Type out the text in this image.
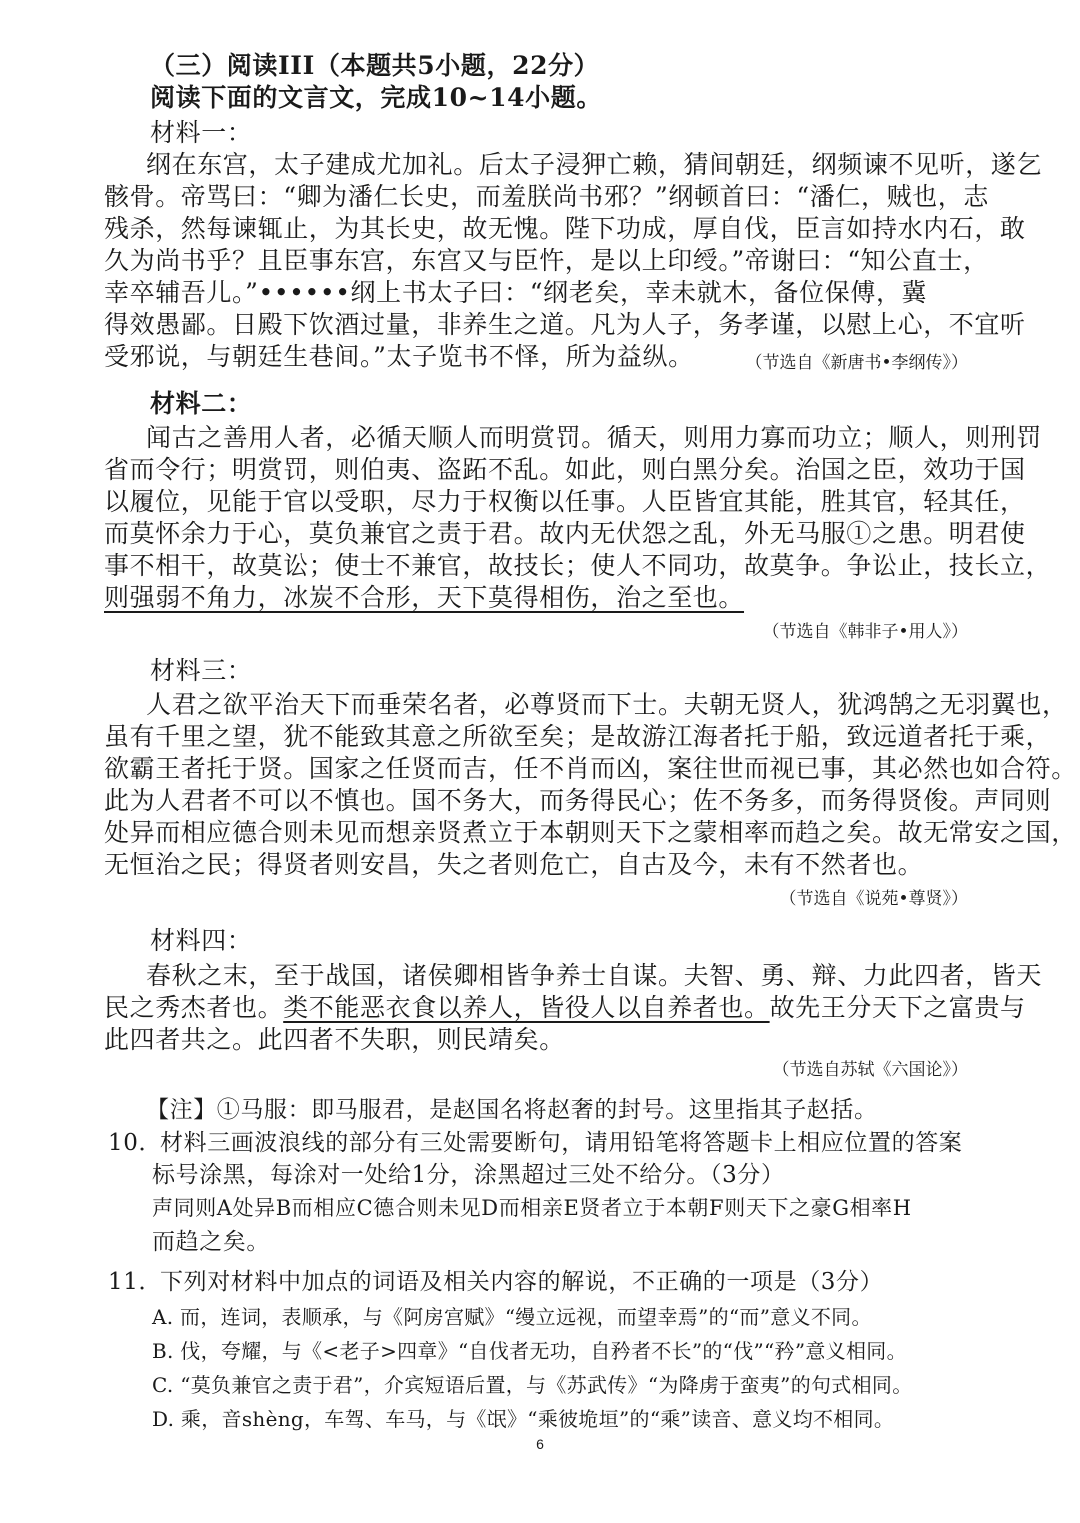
（三）阅读III（本题共5小题，22分）
阅读下面的文言文，完成10~14小题。
材料一：
纲在东宫，太子建成尤加礼。后太子浸狎亡赖，猜间朝廷，纲频谏不见听，遂乞
骸骨。帝骂曰：“卿为潘仁长史，而羞朕尚书邪？”纲顿首曰：“潘仁，贼也，志
残杀，然每谏辄止，为其长史，故无愧。陛下功成，厚自伐，臣言如持水内石，敢
久为尚书乎？且臣事东宫，东宫又与臣忤，是以上印绶。”帝谢曰：“知公直士，
幸卒辅吾儿。”••••••纲上书太子曰：“纲老矣，幸未就木，备位保傅，冀
得效愚鄙。日殿下饮酒过量，非养生之道。凡为人子，务孝谨，以慰上心，不宜听
受邪说，与朝廷生巷间。”太子览书不怿，所为益纵。	（节选自《新唐书•李纲传》）
材料二：
闻古之善用人者，必循天顺人而明赏罚。循天，则用力寡而功立；顺人，则刑罚
省而令行；明赏罚，则伯夷、盗跖不乱。如此，则白黑分矣。治国之臣，效功于国
以履位，见能于官以受职，尽力于权衡以任事。人臣皆宜其能，胜其官，轻其任，
而莫怀余力于心，莫负兼官之责于君。故内无伏怨之乱，外无马服①之患。明君使
事不相干，故莫讼；使士不兼官，故技长；使人不同功，故莫争。争讼止，技长立，
则强弱不角力，冰炭不合形，天下莫得相伤，治之至也。
（节选自《韩非子•用人》）
材料三：
人君之欲平治天下而垂荣名者，必尊贤而下士。夫朝无贤人，犹鸿鹄之无羽翼也，
虽有千里之望，犹不能致其意之所欲至矣；是故游江海者托于船，致远道者托于乘，
欲霸王者托于贤。国家之任贤而吉，任不肖而凶，案往世而视已事，其必然也如合符。
此为人君者不可以不慎也。国不务大，而务得民心；佐不务多，而务得贤俊。声同则
处异而相应德合则未见而想亲贤煮立于本朝则天下之蒙相率而趋之矣。故无常安之国，
无恒治之民；得贤者则安昌，失之者则危亡，自古及今，未有不然者也。
（节选自《说苑•尊贤》）
材料四：
春秋之末，至于战国，诸侯卿相皆争养士自谋。夫智、勇、辩、力此四者，皆天
民之秀杰者也。类不能恶衣食以养人，皆役人以自养者也。故先王分天下之富贵与
此四者共之。此四者不失职，则民靖矣。
（节选自苏轼《六国论》）
【注】①马服：即马服君，是赵国名将赵奢的封号。这里指其子赵括。
10．
材料三画波浪线的部分有三处需要断句，请用铅笔将答题卡上相应位置的答案
标号涂黑，每涂对一处给1分，涂黑超过三处不给分。（3分）
声同则A处异B而相应C德合则未见D而相亲E贤者立于本朝F则天下之豪G相率H
而趋之矣。
11．
下列对材料中加点的词语及相关内容的解说，不正确的一项是（3分）
A. 而，连词，表顺承，与《阿房宫赋》“缦立远视，而望幸焉”的“而”意义不同。
B. 伐，夸耀，与《<老子>四章》“自伐者无功，自矜者不长”的“伐”“矜”意义相同。
C. “莫负兼官之责于君”，介宾短语后置，与《苏武传》“为降虏于蛮夷”的句式相同。
D. 乘，音shèng，车驾、车马，与《氓》“乘彼垝垣”的“乘”读音、意义均不相同。
6
